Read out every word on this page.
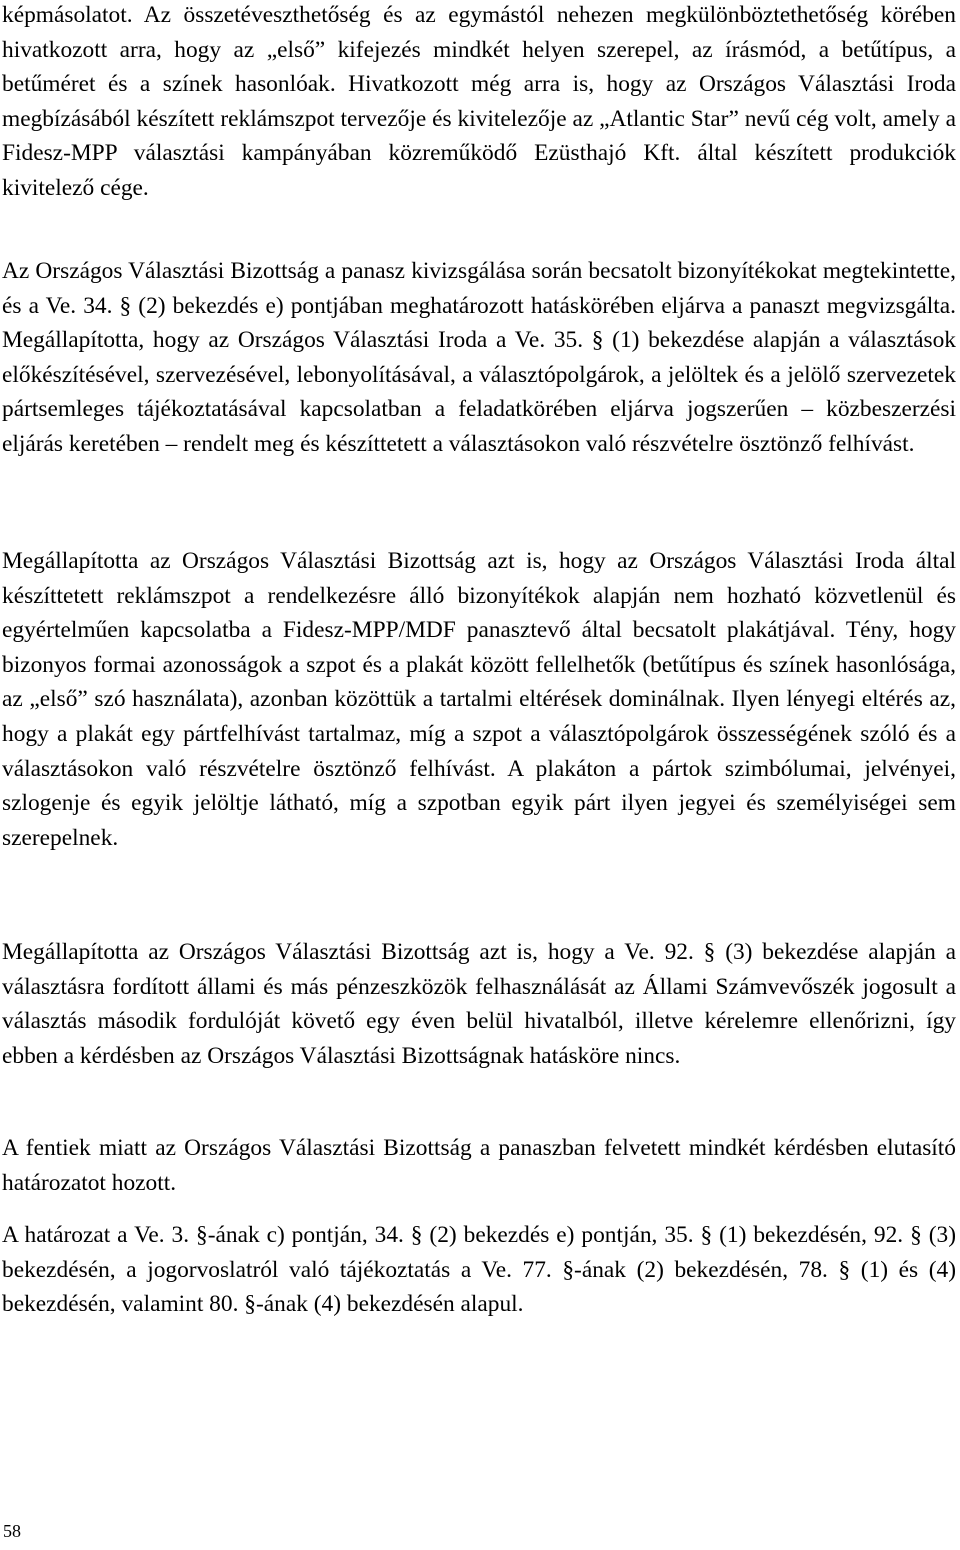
képmásolatot. Az összetéveszthetőség és az egymástól nehezen megkülönböztethetőség körében hivatkozott arra, hogy az „első” kifejezés mindkét helyen szerepel, az írásmód, a betűtípus, a betűméret és a színek hasonlóak. Hivatkozott még arra is, hogy az Országos Választási Iroda megbízásából készített reklámszpot tervezője és kivitelezője az „Atlantic Star” nevű cég volt, amely a Fidesz-MPP választási kampányában közreműködő Ezüsthajó Kft. által készített produkciók kivitelező cége.

Az Országos Választási Bizottság a panasz kivizsgálása során becsatolt bizonyítékokat megtekintette, és a Ve. 34. § (2) bekezdés e) pontjában meghatározott hatáskörében eljárva a panaszt megvizsgálta. Megállapította, hogy az Országos Választási Iroda a Ve. 35. § (1) bekezdése alapján a választások előkészítésével, szervezésével, lebonyolításával, a választópolgárok, a jelöltek és a jelölő szervezetek pártsemleges tájékoztatásával kapcsolatban a feladatkörében eljárva jogszerűen – közbeszerzési eljárás keretében – rendelt meg és készíttetett a választásokon való részvételre ösztönző felhívást.

Megállapította az Országos Választási Bizottság azt is, hogy az Országos Választási Iroda által készíttetett reklámszpot a rendelkezésre álló bizonyítékok alapján nem hozható közvetlenül és egyértelműen kapcsolatba a Fidesz-MPP/MDF panasztevő által becsatolt plakátjával. Tény, hogy bizonyos formai azonosságok a szpot és a plakát között fellelhetők (betűtípus és színek hasonlósága, az „első” szó használata), azonban közöttük a tartalmi eltérések dominálnak. Ilyen lényegi eltérés az, hogy a plakát egy pártfelhívást tartalmaz, míg a szpot a választópolgárok összességének szóló és a választásokon való részvételre ösztönző felhívást. A plakáton a pártok szimbólumai, jelvényei, szlogenje és egyik jelöltje látható, míg a szpotban egyik párt ilyen jegyei és személyiségei sem szerepelnek.

Megállapította az Országos Választási Bizottság azt is, hogy a Ve. 92. § (3) bekezdése alapján a választásra fordított állami és más pénzeszközök felhasználását az Állami Számvevőszék jogosult a választás második fordulóját követő egy éven belül hivatalból, illetve kérelemre ellenőrizni, így ebben a kérdésben az Országos Választási Bizottságnak hatásköre nincs.

A fentiek miatt az Országos Választási Bizottság a panaszban felvetett mindkét kérdésben elutasító határozatot hozott.

A határozat a Ve. 3. §-ának c) pontján, 34. § (2) bekezdés e) pontján, 35. § (1) bekezdésén, 92. § (3) bekezdésén, a jogorvoslatról való tájékoztatás a Ve. 77. §-ának (2) bekezdésén, 78. § (1) és (4) bekezdésén, valamint 80. §-ának (4) bekezdésén alapul.

58
